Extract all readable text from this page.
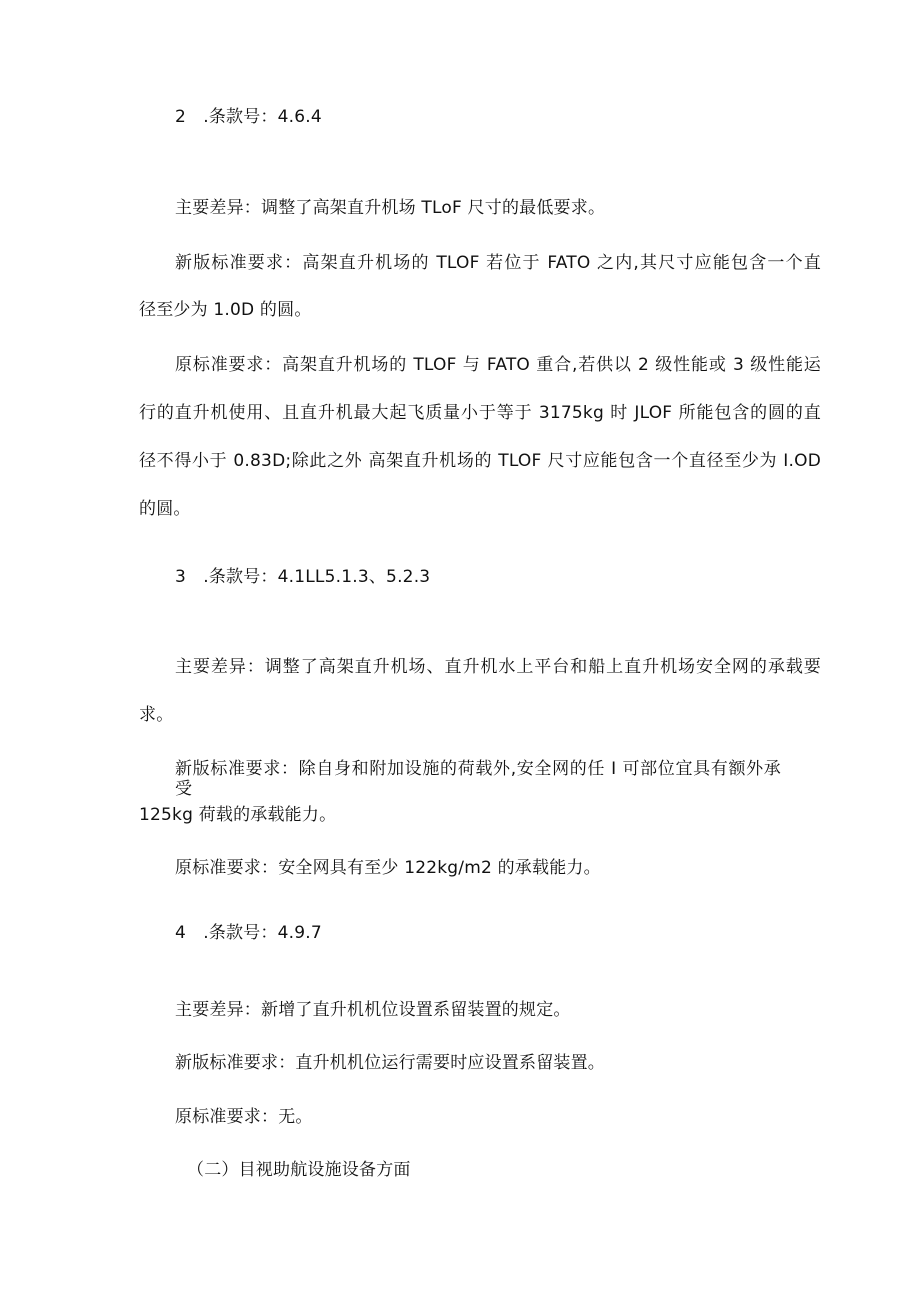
2　.条款号：4.6.4
主要差异：调整了高架直升机场 TLoF 尺寸的最低要求。
新版标准要求：高架直升机场的 TLOF 若位于 FATO 之内,其尺寸应能包含一个直
径至少为 1.0D 的圆。
原标准要求：高架直升机场的 TLOF 与 FATO 重合,若供以 2 级性能或 3 级性能运
行的直升机使用、且直升机最大起飞质量小于等于 3175kg 时 JLOF 所能包含的圆的直
径不得小于 0.83D;除此之外 高架直升机场的 TLOF 尺寸应能包含一个直径至少为 I.OD
的圆。
3　.条款号：4.1LL5.1.3、5.2.3
主要差异：调整了高架直升机场、直升机水上平台和船上直升机场安全网的承载要
求。
新版标准要求：除自身和附加设施的荷载外,安全网的任 I 可部位宜具有额外承受
125kg 荷载的承载能力。
原标准要求：安全网具有至少 122kg∕m2 的承载能力。
4　.条款号：4.9.7
主要差异：新增了直升机机位设置系留装置的规定。
新版标准要求：直升机机位运行需要时应设置系留装置。
原标准要求：无。
（二）目视助航设施设备方面
